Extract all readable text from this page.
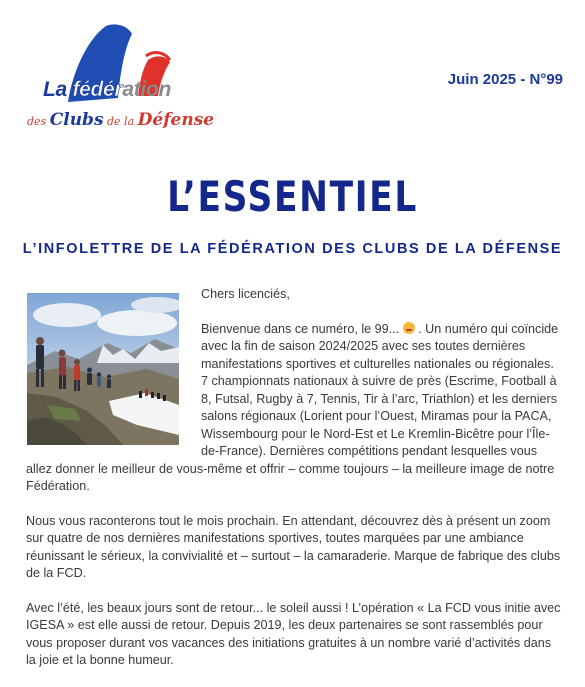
La fédération
des Clubs de la Défense
Juin 2025 - N°99
L’ESSENTIEL
L’INFOLETTRE DE LA FÉDÉRATION DES CLUBS DE LA DÉFENSE

Chers licenciés,

Bienvenue dans ce numéro, le 99...  . Un numéro qui coïncide avec la fin de saison 2024/2025 avec ses toutes dernières manifestations sportives et culturelles nationales ou régionales. 7 championnats nationaux à suivre de près (Escrime, Football à 8, Futsal, Rugby à 7, Tennis, Tir à l’arc, Triathlon) et les derniers salons régionaux (Lorient pour l’Ouest, Miramas pour la PACA, Wissembourg pour le Nord-Est et Le Kremlin-Bicêtre pour l’Île-de-France). Dernières compétitions pendant lesquelles vous allez donner le meilleur de vous-même et offrir – comme toujours – la meilleure image de notre Fédération.

Nous vous raconterons tout le mois prochain. En attendant, découvrez dès à présent un zoom sur quatre de nos dernières manifestations sportives, toutes marquées par une ambiance réunissant le sérieux, la convivialité et – surtout – la camaraderie. Marque de fabrique des clubs de la FCD.

Avec l’été, les beaux jours sont de retour... le soleil aussi ! L’opération « La FCD vous initie avec IGESA » est elle aussi de retour. Depuis 2019, les deux partenaires se sont rassemblés pour vous proposer durant vos vacances des initiations gratuites à un nombre varié d’activités dans la joie et la bonne humeur.
